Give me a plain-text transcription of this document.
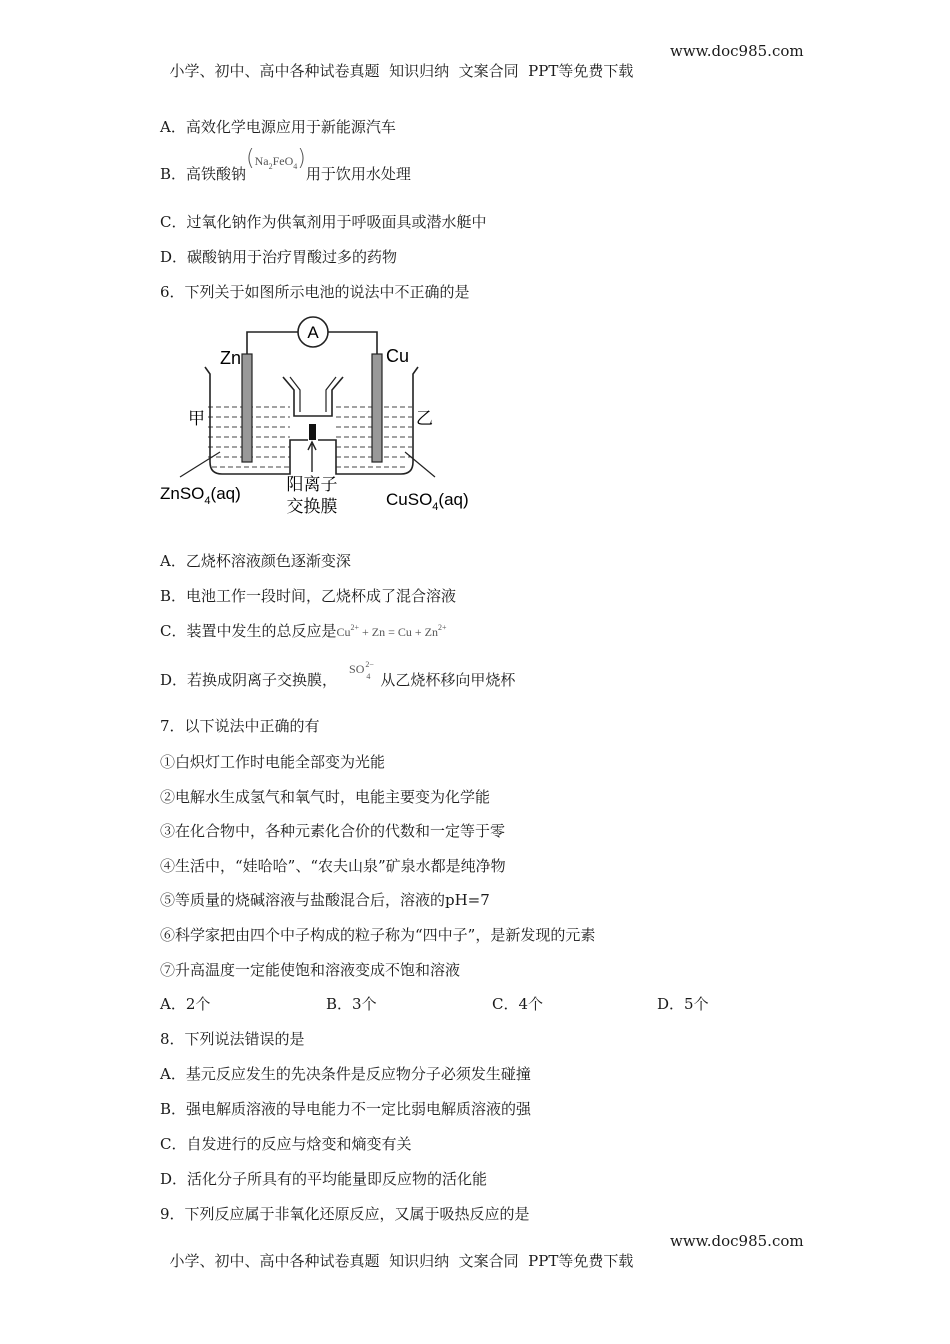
小学、初中、高中各种试卷真题  知识归纳  文案合同  PPT等免费下载

www.doc985.com

A．高效化学电源应用于新能源汽车
B．高铁酸钠$(Na_2FeO_4)$用于饮用水处理
C．过氧化钠作为供氧剂用于呼吸面具或潜水艇中
D．碳酸钠用于治疗胃酸过多的药物
6．下列关于如图所示电池的说法中不正确的是
A
Zn	Cu
甲	乙
ZnSO$_4$(aq)	CuSO$_4$(aq)
阳离子
交换膜
A．乙烧杯溶液颜色逐渐变深
B．电池工作一段时间，乙烧杯成了混合溶液
C．装置中发生的总反应是$Cu^{2+} + Zn = Cu + Zn^{2+}$
D．若换成阴离子交换膜，SO 2−
4 从乙烧杯移向甲烧杯
7．以下说法中正确的有
①白炽灯工作时电能全部变为光能
②电解水生成氢气和氧气时，电能主要变为化学能
③在化合物中，各种元素化合价的代数和一定等于零
④生活中，“娃哈哈”、“农夫山泉”矿泉水都是纯净物
⑤等质量的烧碱溶液与盐酸混合后，溶液的pH=7
⑥科学家把由四个中子构成的粒子称为“四中子”，是新发现的元素
⑦升高温度一定能使饱和溶液变成不饱和溶液
A．2个	B．3个	C．4个	D．5个
8．下列说法错误的是
A．基元反应发生的先决条件是反应物分子必须发生碰撞
B．强电解质溶液的导电能力不一定比弱电解质溶液的强
C．自发进行的反应与焓变和熵变有关
D．活化分子所具有的平均能量即反应物的活化能
9．下列反应属于非氧化还原反应，又属于吸热反应的是

小学、初中、高中各种试卷真题  知识归纳  文案合同  PPT等免费下载

www.doc985.com
